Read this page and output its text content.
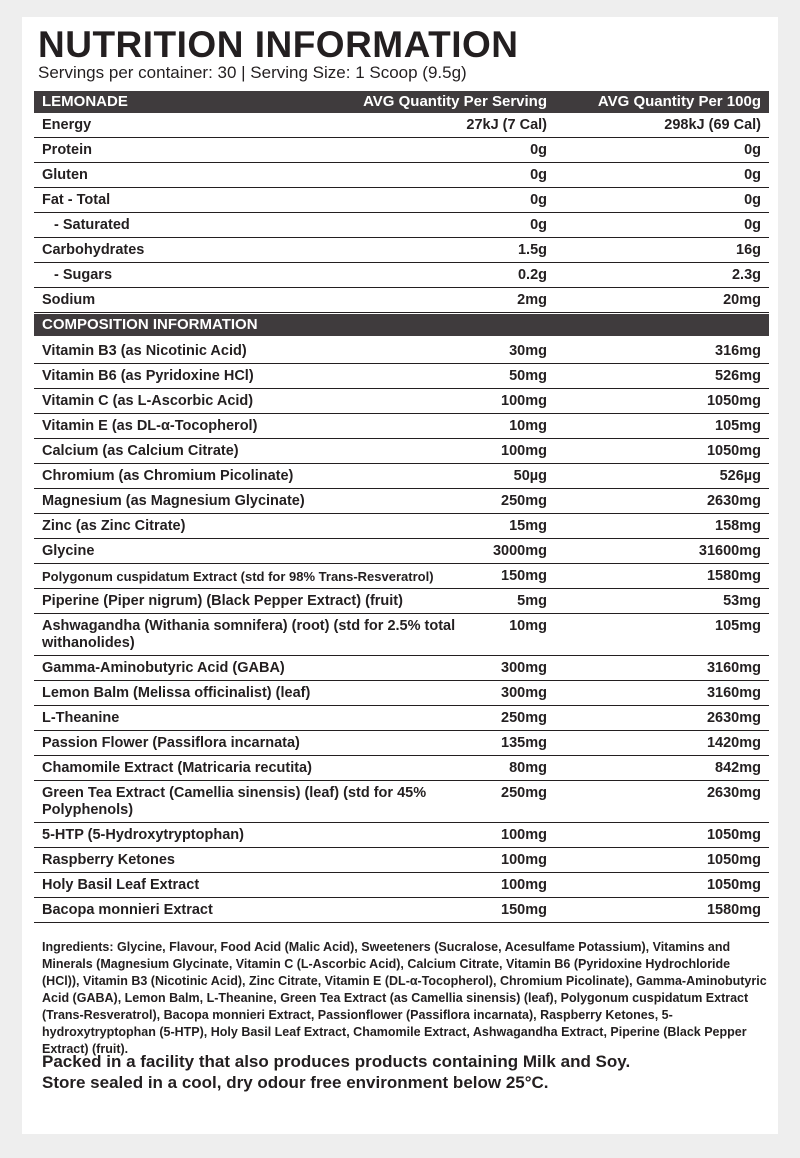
NUTRITION INFORMATION
Servings per container: 30 | Serving Size: 1 Scoop (9.5g)
LEMONADE	AVG Quantity Per Serving	AVG Quantity Per 100g
Energy	27kJ (7 Cal)	298kJ (69 Cal)
Protein	0g	0g
Gluten	0g	0g
Fat - Total	0g	0g
- Saturated	0g	0g
Carbohydrates	1.5g	16g
- Sugars	0.2g	2.3g
Sodium	2mg	20mg
COMPOSITION INFORMATION
Vitamin B3 (as Nicotinic Acid)	30mg	316mg
Vitamin B6 (as Pyridoxine HCl)	50mg	526mg
Vitamin C (as L-Ascorbic Acid)	100mg	1050mg
Vitamin E (as DL-α-Tocopherol)	10mg	105mg
Calcium (as Calcium Citrate)	100mg	1050mg
Chromium (as Chromium Picolinate)	50µg	526µg
Magnesium (as Magnesium Glycinate)	250mg	2630mg
Zinc (as Zinc Citrate)	15mg	158mg
Glycine	3000mg	31600mg
Polygonum cuspidatum Extract (std for 98% Trans-Resveratrol)	150mg	1580mg
Piperine (Piper nigrum) (Black Pepper Extract) (fruit)	5mg	53mg
Ashwagandha (Withania somnifera) (root) (std for 2.5% total withanolides)
10mg	105mg
Gamma-Aminobutyric Acid (GABA)	300mg	3160mg
Lemon Balm (Melissa officinalist) (leaf)	300mg	3160mg
L-Theanine	250mg	2630mg
Passion Flower (Passiflora incarnata)	135mg	1420mg
Chamomile Extract (Matricaria recutita)	80mg	842mg
Green Tea Extract (Camellia sinensis) (leaf) (std for 45% Polyphenols)
250mg	2630mg
5-HTP (5-Hydroxytryptophan)	100mg	1050mg
Raspberry Ketones	100mg	1050mg
Holy Basil Leaf Extract	100mg	1050mg
Bacopa monnieri Extract	150mg	1580mg
Ingredients: Glycine, Flavour, Food Acid (Malic Acid), Sweeteners (Sucralose, Acesulfame Potassium), Vitamins and Minerals (Magnesium Glycinate, Vitamin C (L-Ascorbic Acid), Calcium Citrate, Vitamin B6 (Pyridoxine Hydrochloride (HCl)), Vitamin B3 (Nicotinic Acid), Zinc Citrate, Vitamin E (DL-α-Tocopherol), Chromium Picolinate), Gamma-Aminobutyric Acid (GABA), Lemon Balm, L-Theanine, Green Tea Extract (as Camellia sinensis) (leaf), Polygonum cuspidatum Extract (Trans-Resveratrol), Bacopa monnieri Extract, Passionflower (Passiflora incarnata), Raspberry Ketones, 5-hydroxytryptophan (5-HTP), Holy Basil Leaf Extract, Chamomile Extract, Ashwagandha Extract, Piperine (Black Pepper Extract) (fruit).
Packed in a facility that also produces products containing Milk and Soy.
Store sealed in a cool, dry odour free environment below 25°C.
